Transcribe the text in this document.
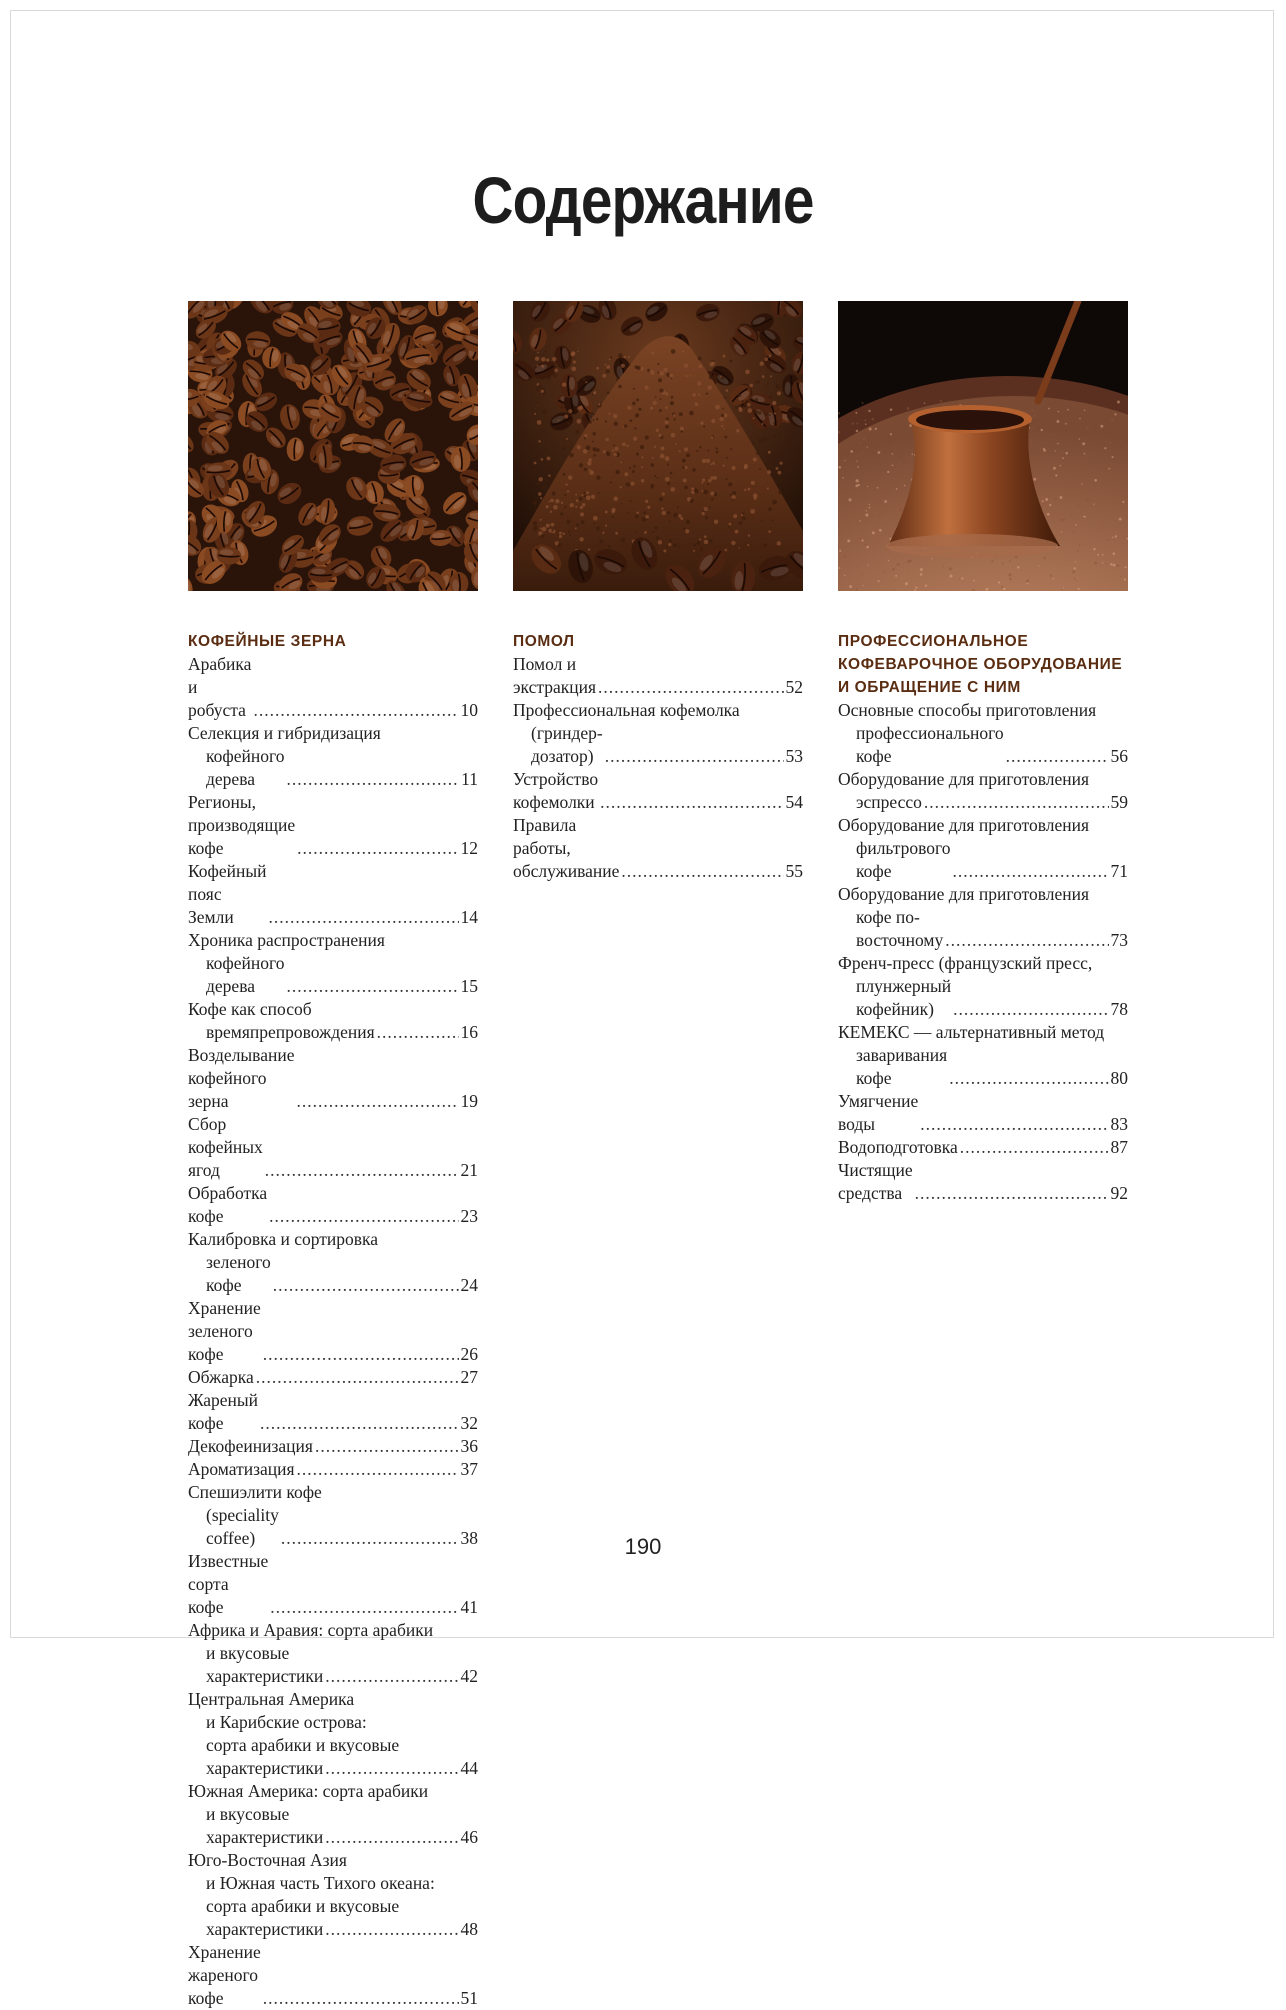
Содержание
КОФЕЙНЫЕ ЗЕРНА
Арабика и робуста .....	10
Селекция и гибридизация
кофейного дерева .....	11
Регионы, производящие кофе .....	12
Кофейный пояс Земли .....	14
Хроника распространения
кофейного дерева .....	15
Кофе как способ
времяпрепровождения .....	16
Возделывание кофейного зерна .....	19
Сбор кофейных ягод .....	21
Обработка кофе .....	23
Калибровка и сортировка
зеленого кофе .....	24
Хранение зеленого кофе .....	26
Обжарка .....	27
Жареный кофе .....	32
Декофеинизация .....	36
Ароматизация .....	37
Спешиэлити кофе
(speciality coffee) .....	38
Известные сорта кофе .....	41
Африка и Аравия: сорта арабики
и вкусовые характеристики .....	42
Центральная Америка
и Карибские острова:
сорта арабики и вкусовые
характеристики .....	44
Южная Америка: сорта арабики
и вкусовые характеристики .....	46
Юго-Восточная Азия
и Южная часть Тихого океана:
сорта арабики и вкусовые
характеристики .....	48
Хранение жареного кофе .....	51
ПОМОЛ
Помол и экстракция .....	52
Профессиональная кофемолка
(гриндер-дозатор) .....	53
Устройство кофемолки .....	54
Правила работы, обслуживание .....	55
ПРОФЕССИОНАЛЬНОЕ
КОФЕВАРОЧНОЕ ОБОРУДОВАНИЕ
И ОБРАЩЕНИЕ С НИМ
Основные способы приготовления
профессионального кофе .....	56
Оборудование для приготовления
эспрессо .....	59
Оборудование для приготовления
фильтрового кофе .....	71
Оборудование для приготовления
кофе по-восточному .....	73
Френч-пресс (французский пресс,
плунжерный кофейник) .....	78
КЕМЕКС — альтернативный метод
заваривания кофе .....	80
Умягчение воды .....	83
Водоподготовка .....	87
Чистящие средства .....	92
190
